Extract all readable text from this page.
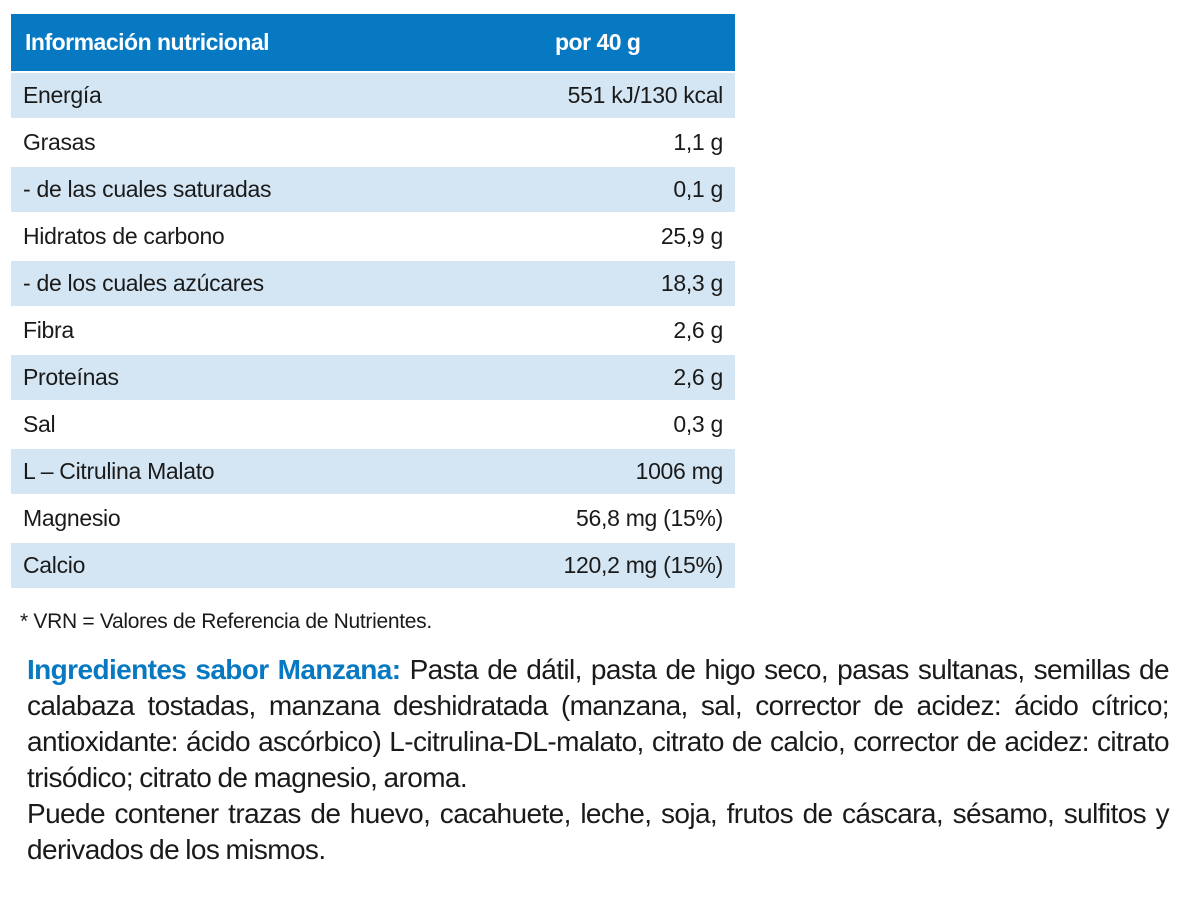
Información nutricional	por 40 g
Energía	551 kJ/130 kcal
Grasas	1,1 g
- de las cuales saturadas	0,1 g
Hidratos de carbono	25,9 g
- de los cuales azúcares	18,3 g
Fibra	2,6 g
Proteínas	2,6 g
Sal	0,3 g
L – Citrulina Malato	1006 mg
Magnesio	56,8 mg (15%)
Calcio	120,2 mg (15%)
* VRN = Valores de Referencia de Nutrientes.

Ingredientes sabor Manzana: Pasta de dátil, pasta de higo seco, pasas sultanas, semillas de calabaza tostadas, manzana deshidratada (manzana, sal, corrector de acidez: ácido cítrico; antioxidante: ácido ascórbico) L-citrulina-DL-malato, citrato de calcio, corrector de acidez: citrato trisódico; citrato de magnesio, aroma.

Puede contener trazas de huevo, cacahuete, leche, soja, frutos de cáscara, sésamo, sulfitos y derivados de los mismos.
